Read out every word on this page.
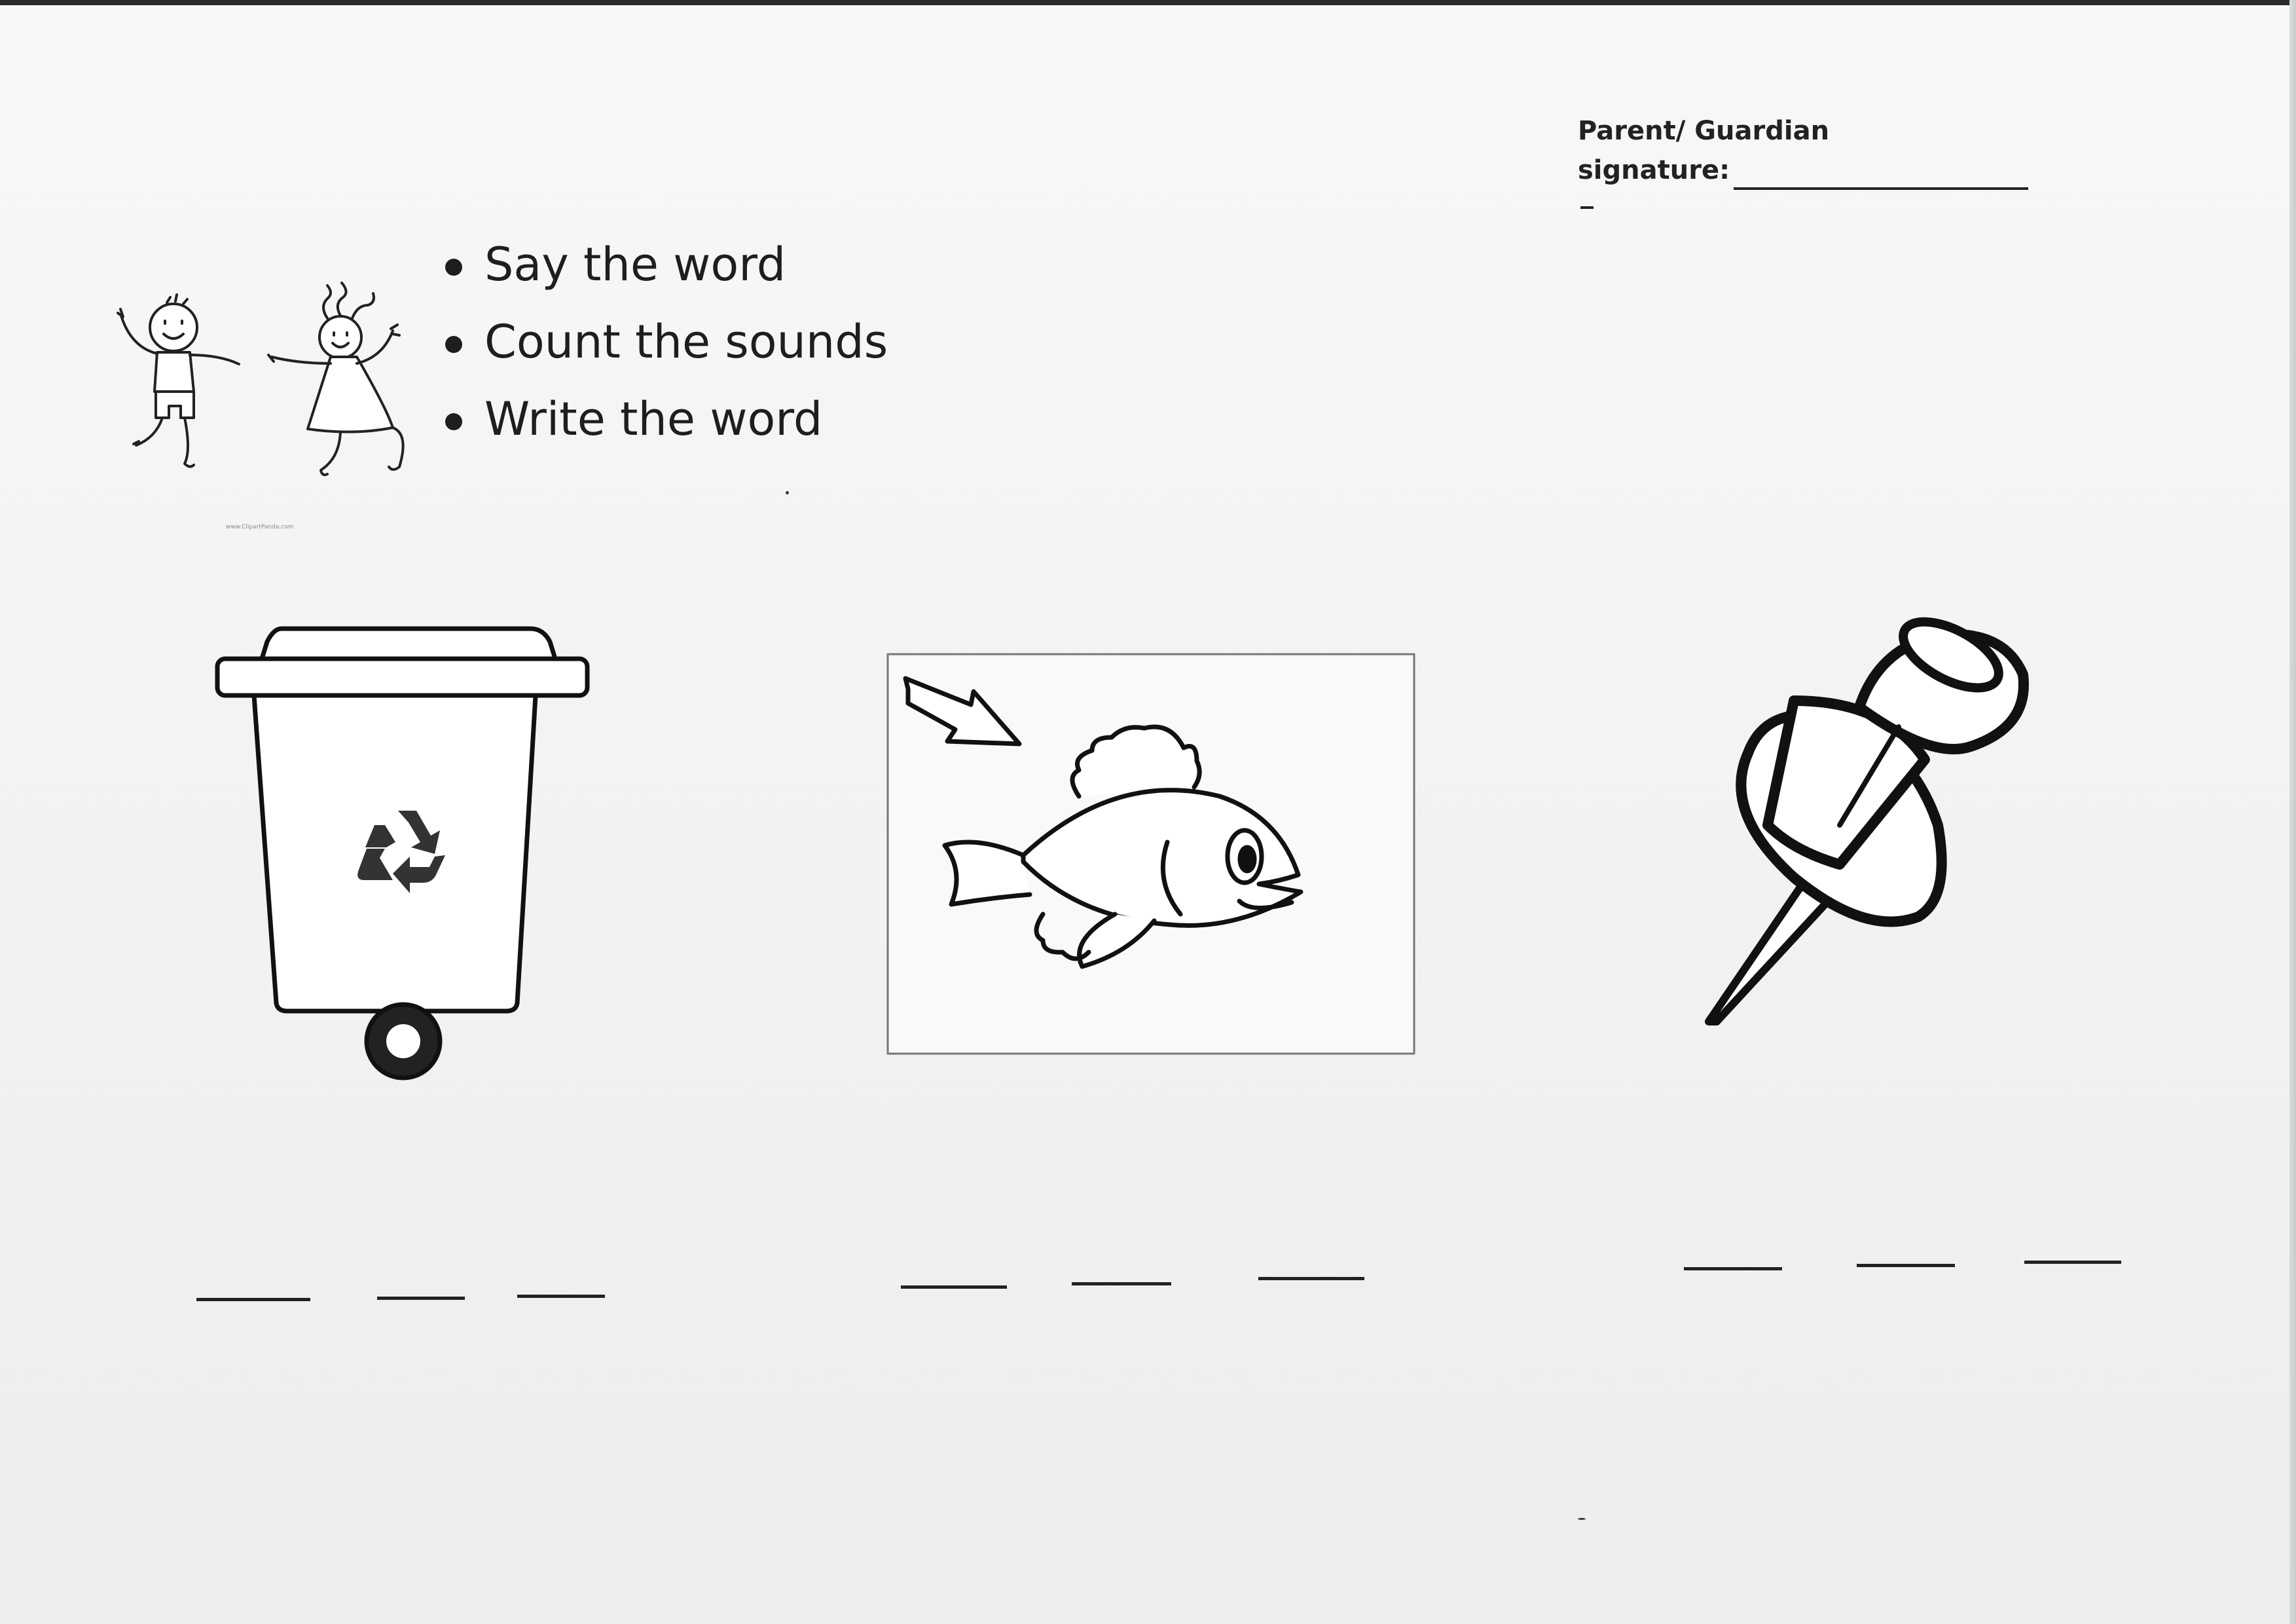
Parent/ Guardian
signature:
Say the word
Count the sounds
Write the word
www.ClipartPanda.com
